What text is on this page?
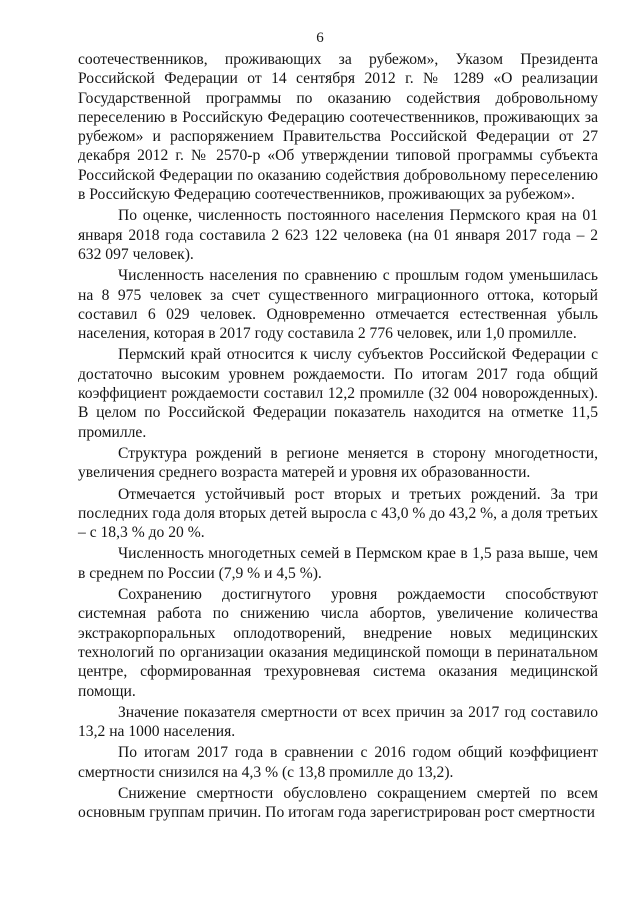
6

соотечественников, проживающих за рубежом», Указом Президента Российской Федерации от 14 сентября 2012 г. № 1289 «О реализации Государственной программы по оказанию содействия добровольному переселению в Российскую Федерацию соотечественников, проживающих за рубежом» и распоряжением Правительства Российской Федерации от 27 декабря 2012 г. № 2570-р «Об утверждении типовой программы субъекта Российской Федерации по оказанию содействия добровольному переселению в Российскую Федерацию соотечественников, проживающих за рубежом».

По оценке, численность постоянного населения Пермского края на 01 января 2018 года составила 2 623 122 человека (на 01 января 2017 года – 2 632 097 человек).

Численность населения по сравнению с прошлым годом уменьшилась на 8 975 человек за счет существенного миграционного оттока, который составил 6 029 человек. Одновременно отмечается естественная убыль населения, которая в 2017 году составила 2 776 человек, или 1,0 промилле.

Пермский край относится к числу субъектов Российской Федерации с достаточно высоким уровнем рождаемости. По итогам 2017 года общий коэффициент рождаемости составил 12,2 промилле (32 004 новорожденных). В целом по Российской Федерации показатель находится на отметке 11,5 промилле.

Структура рождений в регионе меняется в сторону многодетности, увеличения среднего возраста матерей и уровня их образованности.

Отмечается устойчивый рост вторых и третьих рождений. За три последних года доля вторых детей выросла с 43,0 % до 43,2 %, а доля третьих – с 18,3 % до 20 %.

Численность многодетных семей в Пермском крае в 1,5 раза выше, чем в среднем по России (7,9 % и 4,5 %).

Сохранению достигнутого уровня рождаемости способствуют системная работа по снижению числа абортов, увеличение количества экстракорпоральных оплодотворений, внедрение новых медицинских технологий по организации оказания медицинской помощи в перинатальном центре, сформированная трехуровневая система оказания медицинской помощи.

Значение показателя смертности от всех причин за 2017 год составило 13,2 на 1000 населения.

По итогам 2017 года в сравнении с 2016 годом общий коэффициент смертности снизился на 4,3 % (с 13,8 промилле до 13,2).

Снижение смертности обусловлено сокращением смертей по всем основным группам причин. По итогам года зарегистрирован рост смертности
